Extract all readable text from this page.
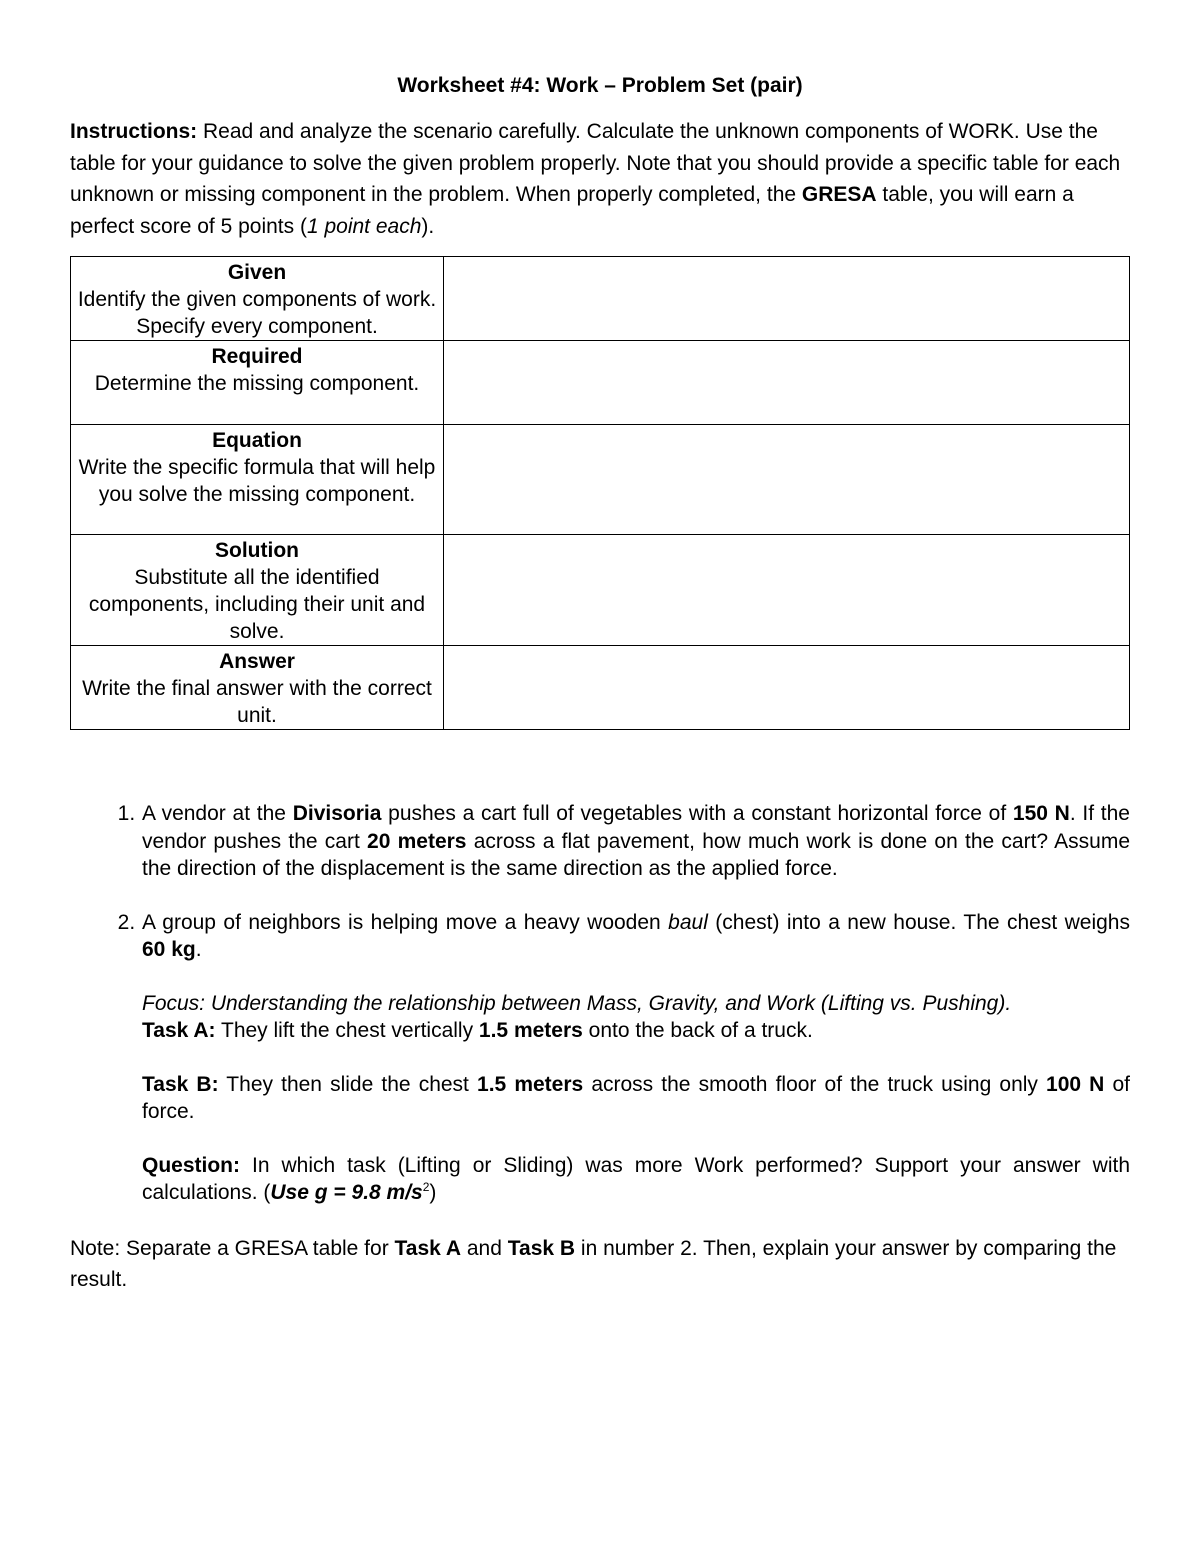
Worksheet #4: Work – Problem Set (pair)

Instructions: Read and analyze the scenario carefully. Calculate the unknown components of WORK. Use the table for your guidance to solve the given problem properly. Note that you should provide a specific table for each unknown or missing component in the problem. When properly completed, the GRESA table, you will earn a perfect score of 5 points (1 point each).

Given
Identify the given components of work. Specify every component.	

Required
Determine the missing component.	

Equation
Write the specific formula that will help you solve the missing component.	

Solution
Substitute all the identified components, including their unit and solve.	

Answer
Write the final answer with the correct unit.	
1. A vendor at the Divisoria pushes a cart full of vegetables with a constant horizontal force of 150 N. If the vendor pushes the cart 20 meters across a flat pavement, how much work is done on the cart? Assume the direction of the displacement is the same direction as the applied force.
2. A group of neighbors is helping move a heavy wooden baul (chest) into a new house. The chest weighs 60 kg.
Focus: Understanding the relationship between Mass, Gravity, and Work (Lifting vs. Pushing).
Task A: They lift the chest vertically 1.5 meters onto the back of a truck.
Task B: They then slide the chest 1.5 meters across the smooth floor of the truck using only 100 N of force.
Question: In which task (Lifting or Sliding) was more Work performed? Support your answer with calculations. (Use g = 9.8 $m/s^2$)

Note: Separate a GRESA table for Task A and Task B in number 2. Then, explain your answer by comparing the result.
